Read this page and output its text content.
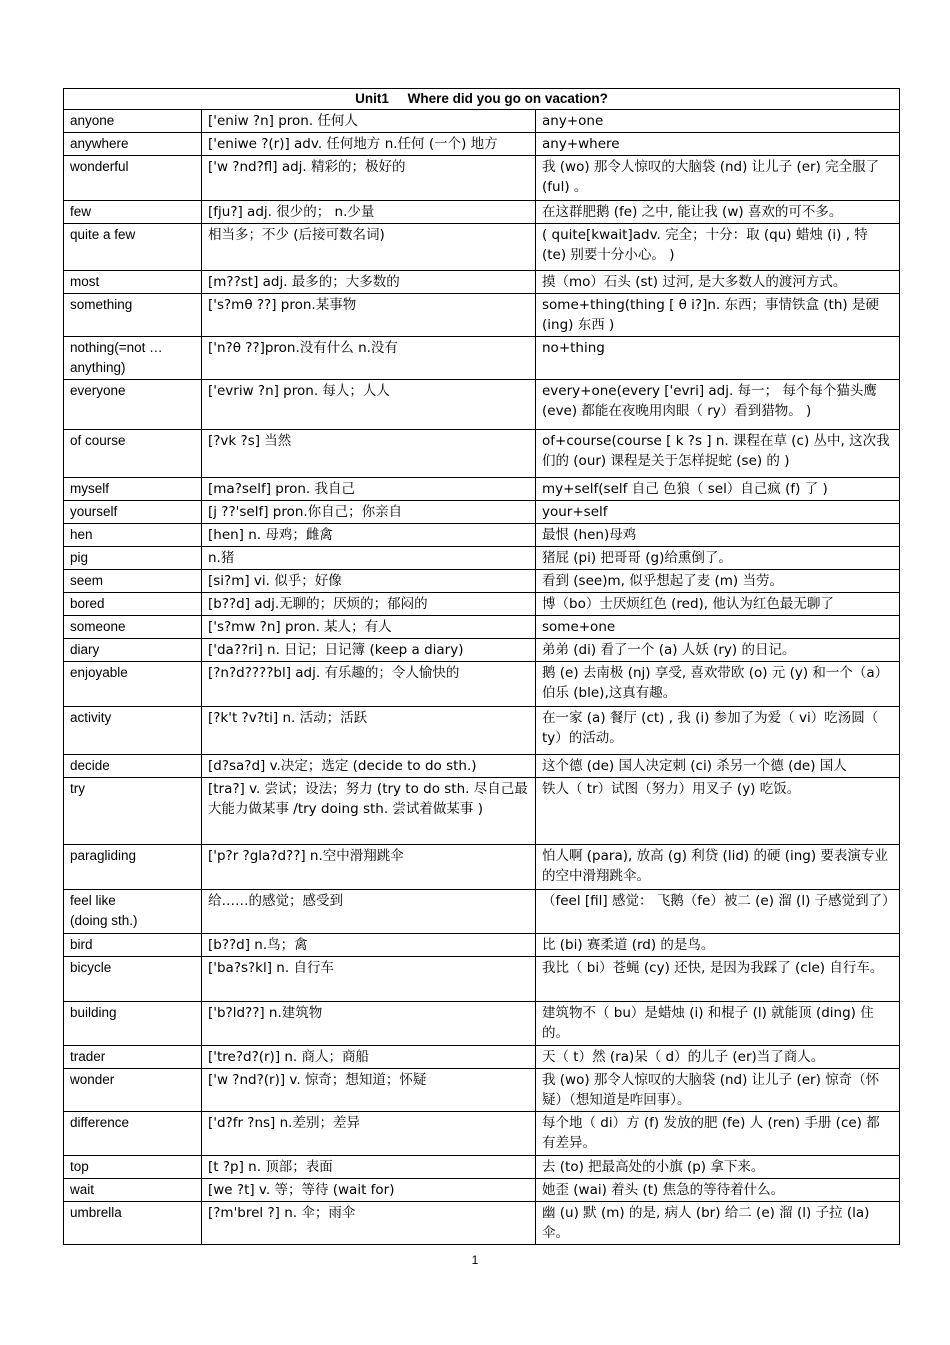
Unit1     Where did you go on vacation?		
anyone	['eniw ?n] pron. 任何人	any+one
anywhere	['eniwe ?(r)] adv. 任何地方 n.任何 (一个) 地方	any+where
wonderful	['w ?nd?fl] adj. 精彩的；极好的	我 (wo) 那令人惊叹的大脑袋 (nd) 让儿子 (er) 完全服了 (ful) 。
few	[fju?] adj. 很少的； n.少量	在这群肥鹅 (fe) 之中, 能让我 (w) 喜欢的可不多。
quite a few	相当多；不少 (后接可数名词)	( quite[kwait]adv. 完全；十分：取 (qu) 蜡烛 (i) , 特 (te) 别要十分小心。 )
most	[m??st] adj. 最多的；大多数的	摸（mo）石头 (st) 过河, 是大多数人的渡河方式。
something	['s?mθ ??] pron.某事物	some+thing(thing [ θ i?]n. 东西；事情铁盒 (th) 是硬 (ing) 东西 )
nothing(=not …anything)	['n?θ ??]pron.没有什么 n.没有	no+thing
everyone	['evriw ?n] pron. 每人；人人	every+one(every ['evri] adj. 每一； 每个每个猫头鹰 (eve) 都能在夜晚用肉眼（ ry）看到猎物。 )
of course	[?vk ?s] 当然	of+course(course [ k ?s ] n. 课程在草 (c) 丛中, 这次我们的 (our) 课程是关于怎样捉蛇 (se) 的 )
myself	[ma?self] pron. 我自己	my+self(self 自己 色狼（ sel）自己疯 (f) 了 )
yourself	[j ??'self] pron.你自己；你亲自	your+self
hen	[hen] n. 母鸡；雌禽	最恨 (hen)母鸡
pig	n.猪	猪屁 (pi) 把哥哥 (g)给熏倒了。
seem	[si?m] vi. 似乎；好像	看到 (see)m, 似乎想起了麦 (m) 当劳。
bored	[b??d] adj.无聊的；厌烦的；郁闷的	博（bo）士厌烦红色 (red), 他认为红色最无聊了
someone	['s?mw ?n] pron. 某人；有人	some+one
diary	['da??ri] n. 日记；日记簿 (keep a diary)	弟弟 (di) 看了一个 (a) 人妖 (ry) 的日记。
enjoyable	[?n?d????bl] adj. 有乐趣的；令人愉快的	鹅 (e) 去南极 (nj) 享受, 喜欢带欧 (o) 元 (y) 和一个（a）伯乐 (ble),这真有趣。
activity	[?k't ?v?ti] n. 活动；活跃	在一家 (a) 餐厅 (ct) , 我 (i) 参加了为爱（ vi）吃汤圆（ ty）的活动。
decide	[d?sa?d] v.决定；选定 (decide to do sth.)	这个德 (de) 国人决定刺 (ci) 杀另一个德 (de) 国人
try	[tra?] v. 尝试；设法；努力 (try to do sth. 尽自己最大能力做某事 /try doing sth. 尝试着做某事 )	铁人（ tr）试图（努力）用叉子 (y) 吃饭。
paragliding	['p?r ?gla?d??] n.空中滑翔跳伞	怕人啊 (para), 放高 (g) 利贷 (lid) 的硬 (ing) 要表演专业的空中滑翔跳伞。
feel like
(doing sth.)	给……的感觉；感受到	（feel [fil] 感觉： 飞鹅（fe）被二 (e) 溜 (l) 子感觉到了）
bird	[b??d] n.鸟；禽	比 (bi) 赛柔道 (rd) 的是鸟。
bicycle	['ba?s?kl] n. 自行车	我比（ bi）苍蝇 (cy) 还快, 是因为我踩了 (cle) 自行车。
building	['b?ld??] n.建筑物	建筑物不（ bu）是蜡烛 (i) 和棍子 (l) 就能顶 (ding) 住的。
trader	['tre?d?(r)] n. 商人；商船	天（ t）然 (ra)呆（ d）的儿子 (er)当了商人。
wonder	['w ?nd?(r)] v. 惊奇；想知道；怀疑	我 (wo) 那令人惊叹的大脑袋 (nd) 让儿子 (er) 惊奇（怀疑）（想知道是咋回事）。
difference	['d?fr ?ns] n.差别；差异	每个地（ di）方 (f) 发放的肥 (fe) 人 (ren) 手册 (ce) 都有差异。
top	[t ?p] n. 顶部；表面	去 (to) 把最高处的小旗 (p) 拿下来。
wait	[we ?t] v. 等；等待 (wait for)	她歪 (wai) 着头 (t) 焦急的等待着什么。
umbrella	[?m'brel ?] n. 伞；雨伞	幽 (u) 默 (m) 的是, 病人 (br) 给二 (e) 溜 (l) 子拉 (la) 伞。
1
